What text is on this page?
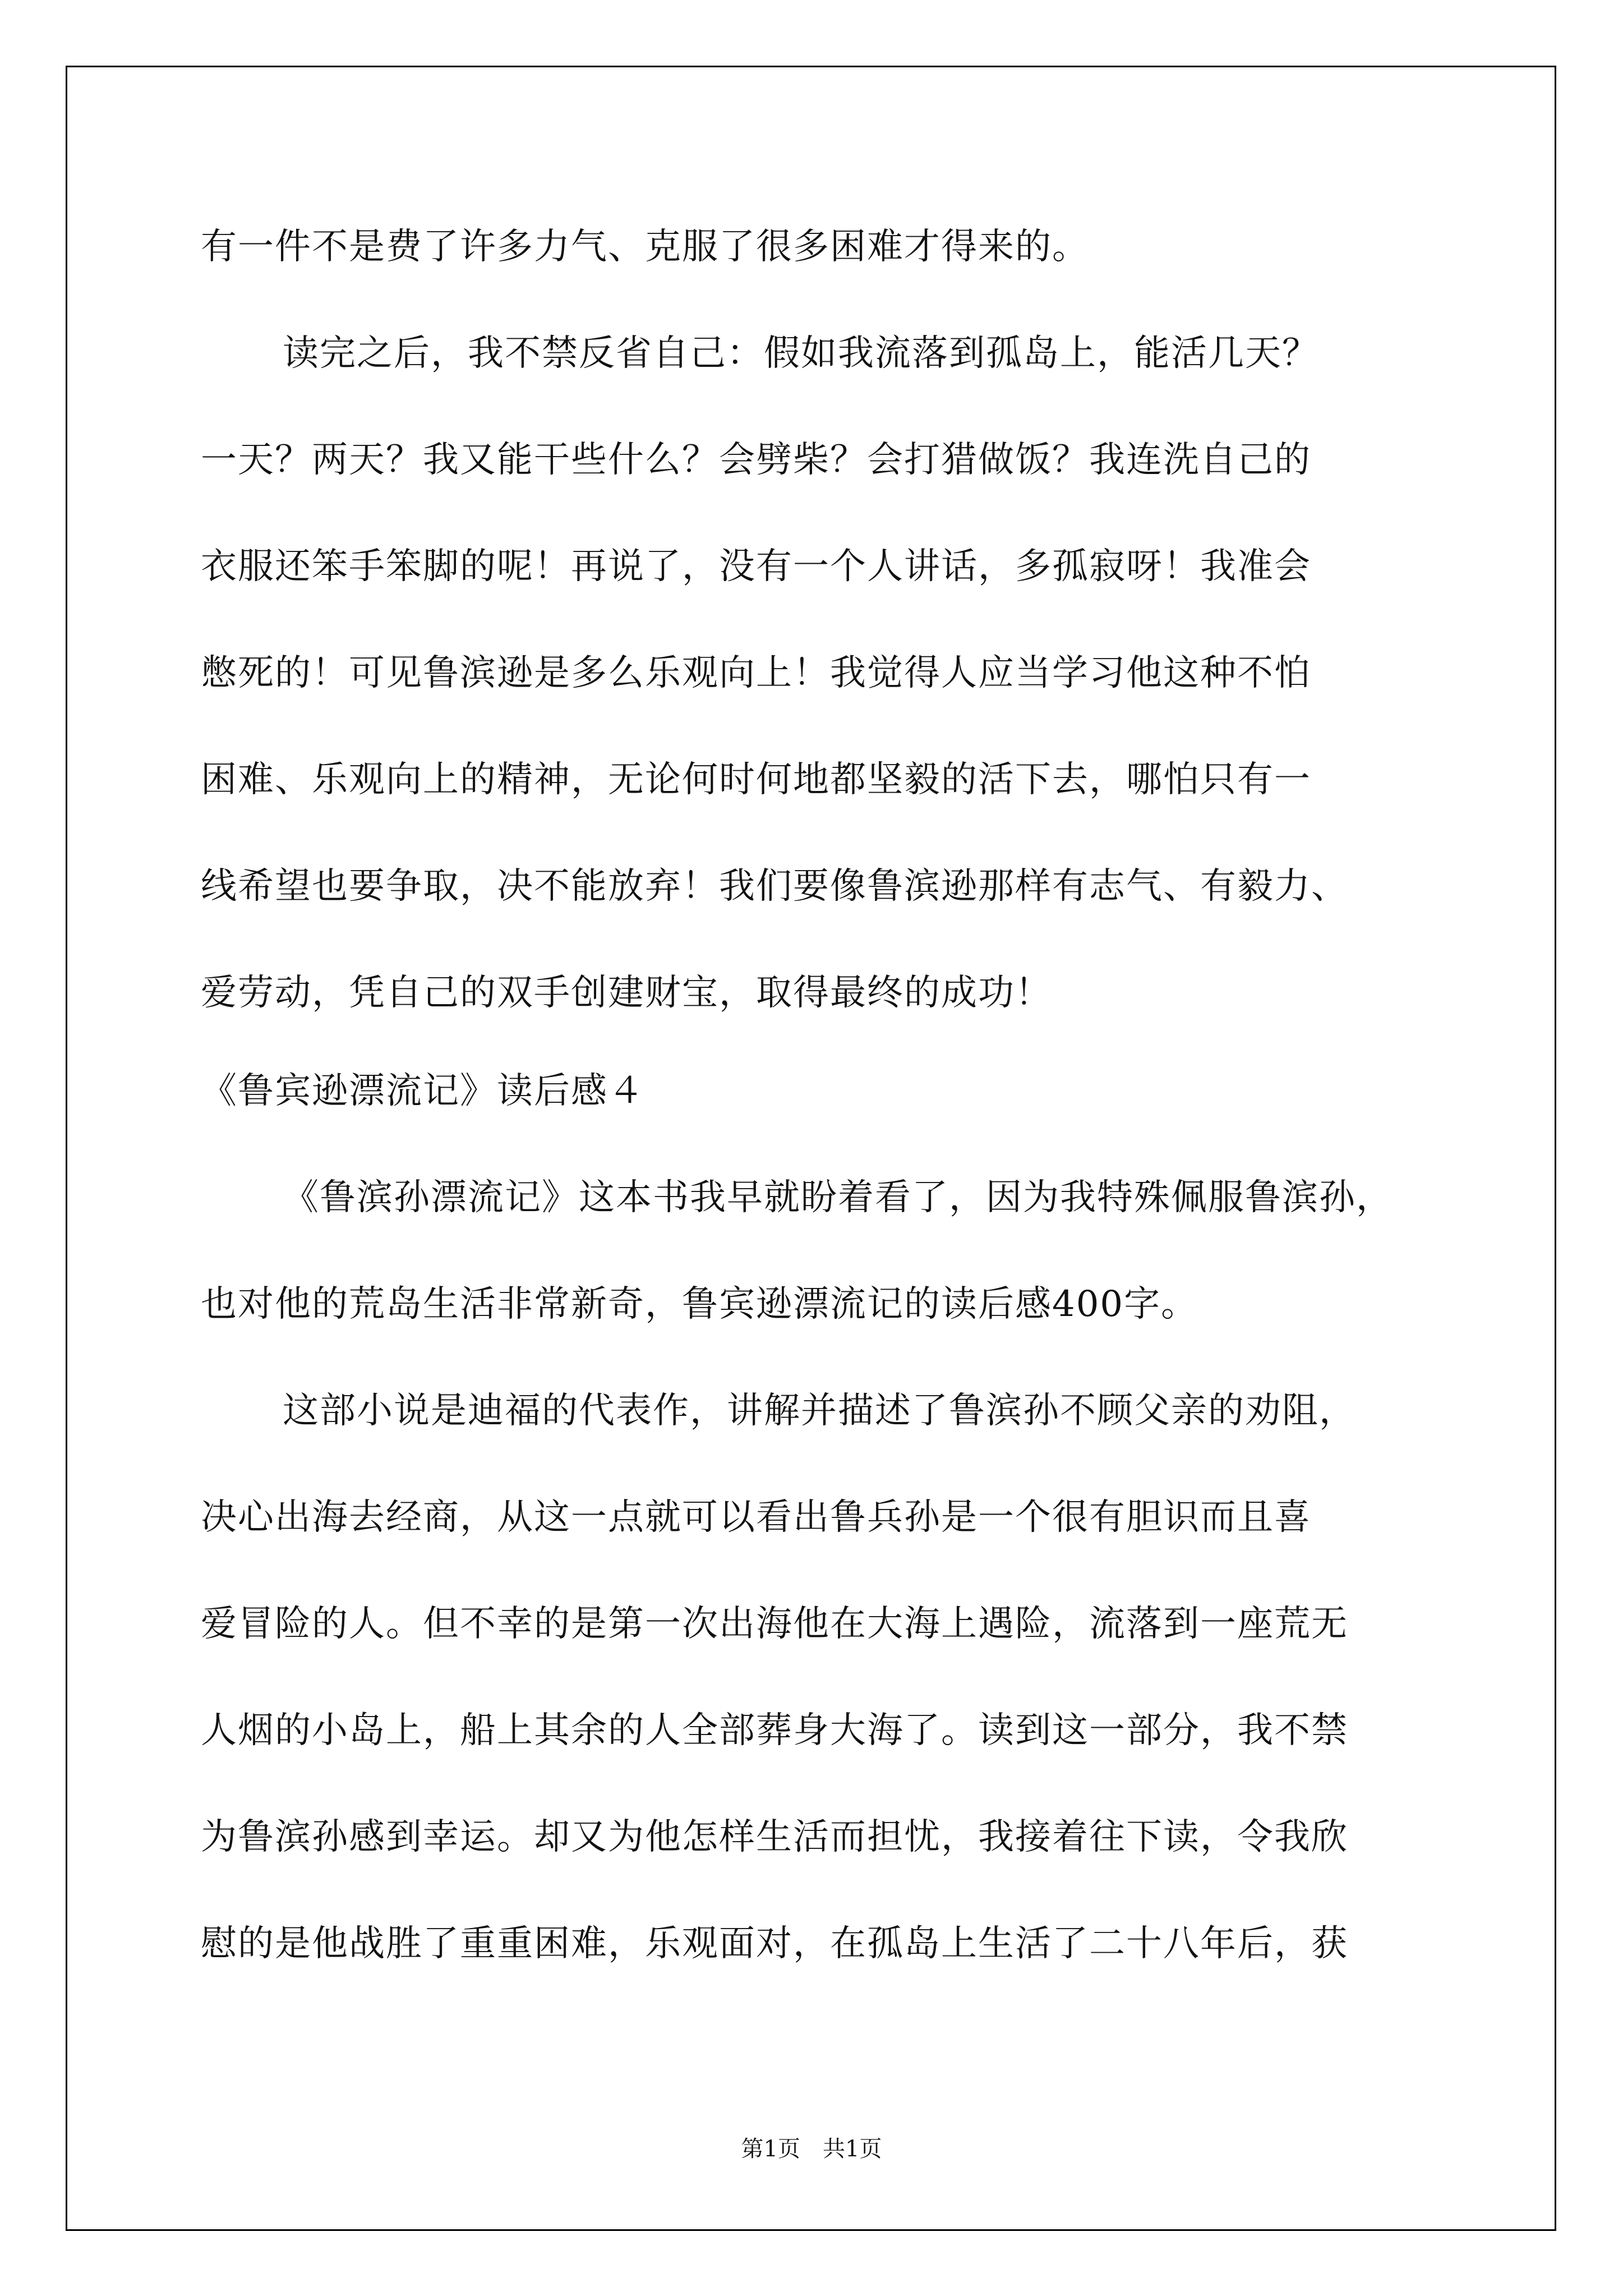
有一件不是费了许多力气、克服了很多困难才得来的。
读完之后，我不禁反省自己：假如我流落到孤岛上，能活几天？
一天？两天？我又能干些什么？会劈柴？会打猎做饭？我连洗自己的
衣服还笨手笨脚的呢！再说了，没有一个人讲话，多孤寂呀！我准会
憋死的！可见鲁滨逊是多么乐观向上！我觉得人应当学习他这种不怕
困难、乐观向上的精神，无论何时何地都坚毅的活下去，哪怕只有一
线希望也要争取，决不能放弃！我们要像鲁滨逊那样有志气、有毅力、
爱劳动，凭自己的双手创建财宝，取得最终的成功！
《鲁宾逊漂流记》读后感４
《鲁滨孙漂流记》这本书我早就盼着看了，因为我特殊佩服鲁滨孙，
也对他的荒岛生活非常新奇，鲁宾逊漂流记的读后感400字。
这部小说是迪福的代表作，讲解并描述了鲁滨孙不顾父亲的劝阻，
决心出海去经商，从这一点就可以看出鲁兵孙是一个很有胆识而且喜
爱冒险的人。但不幸的是第一次出海他在大海上遇险，流落到一座荒无
人烟的小岛上，船上其余的人全部葬身大海了。读到这一部分，我不禁
为鲁滨孙感到幸运。却又为他怎样生活而担忧，我接着往下读，令我欣
慰的是他战胜了重重困难，乐观面对，在孤岛上生活了二十八年后，获
第1页　共1页
